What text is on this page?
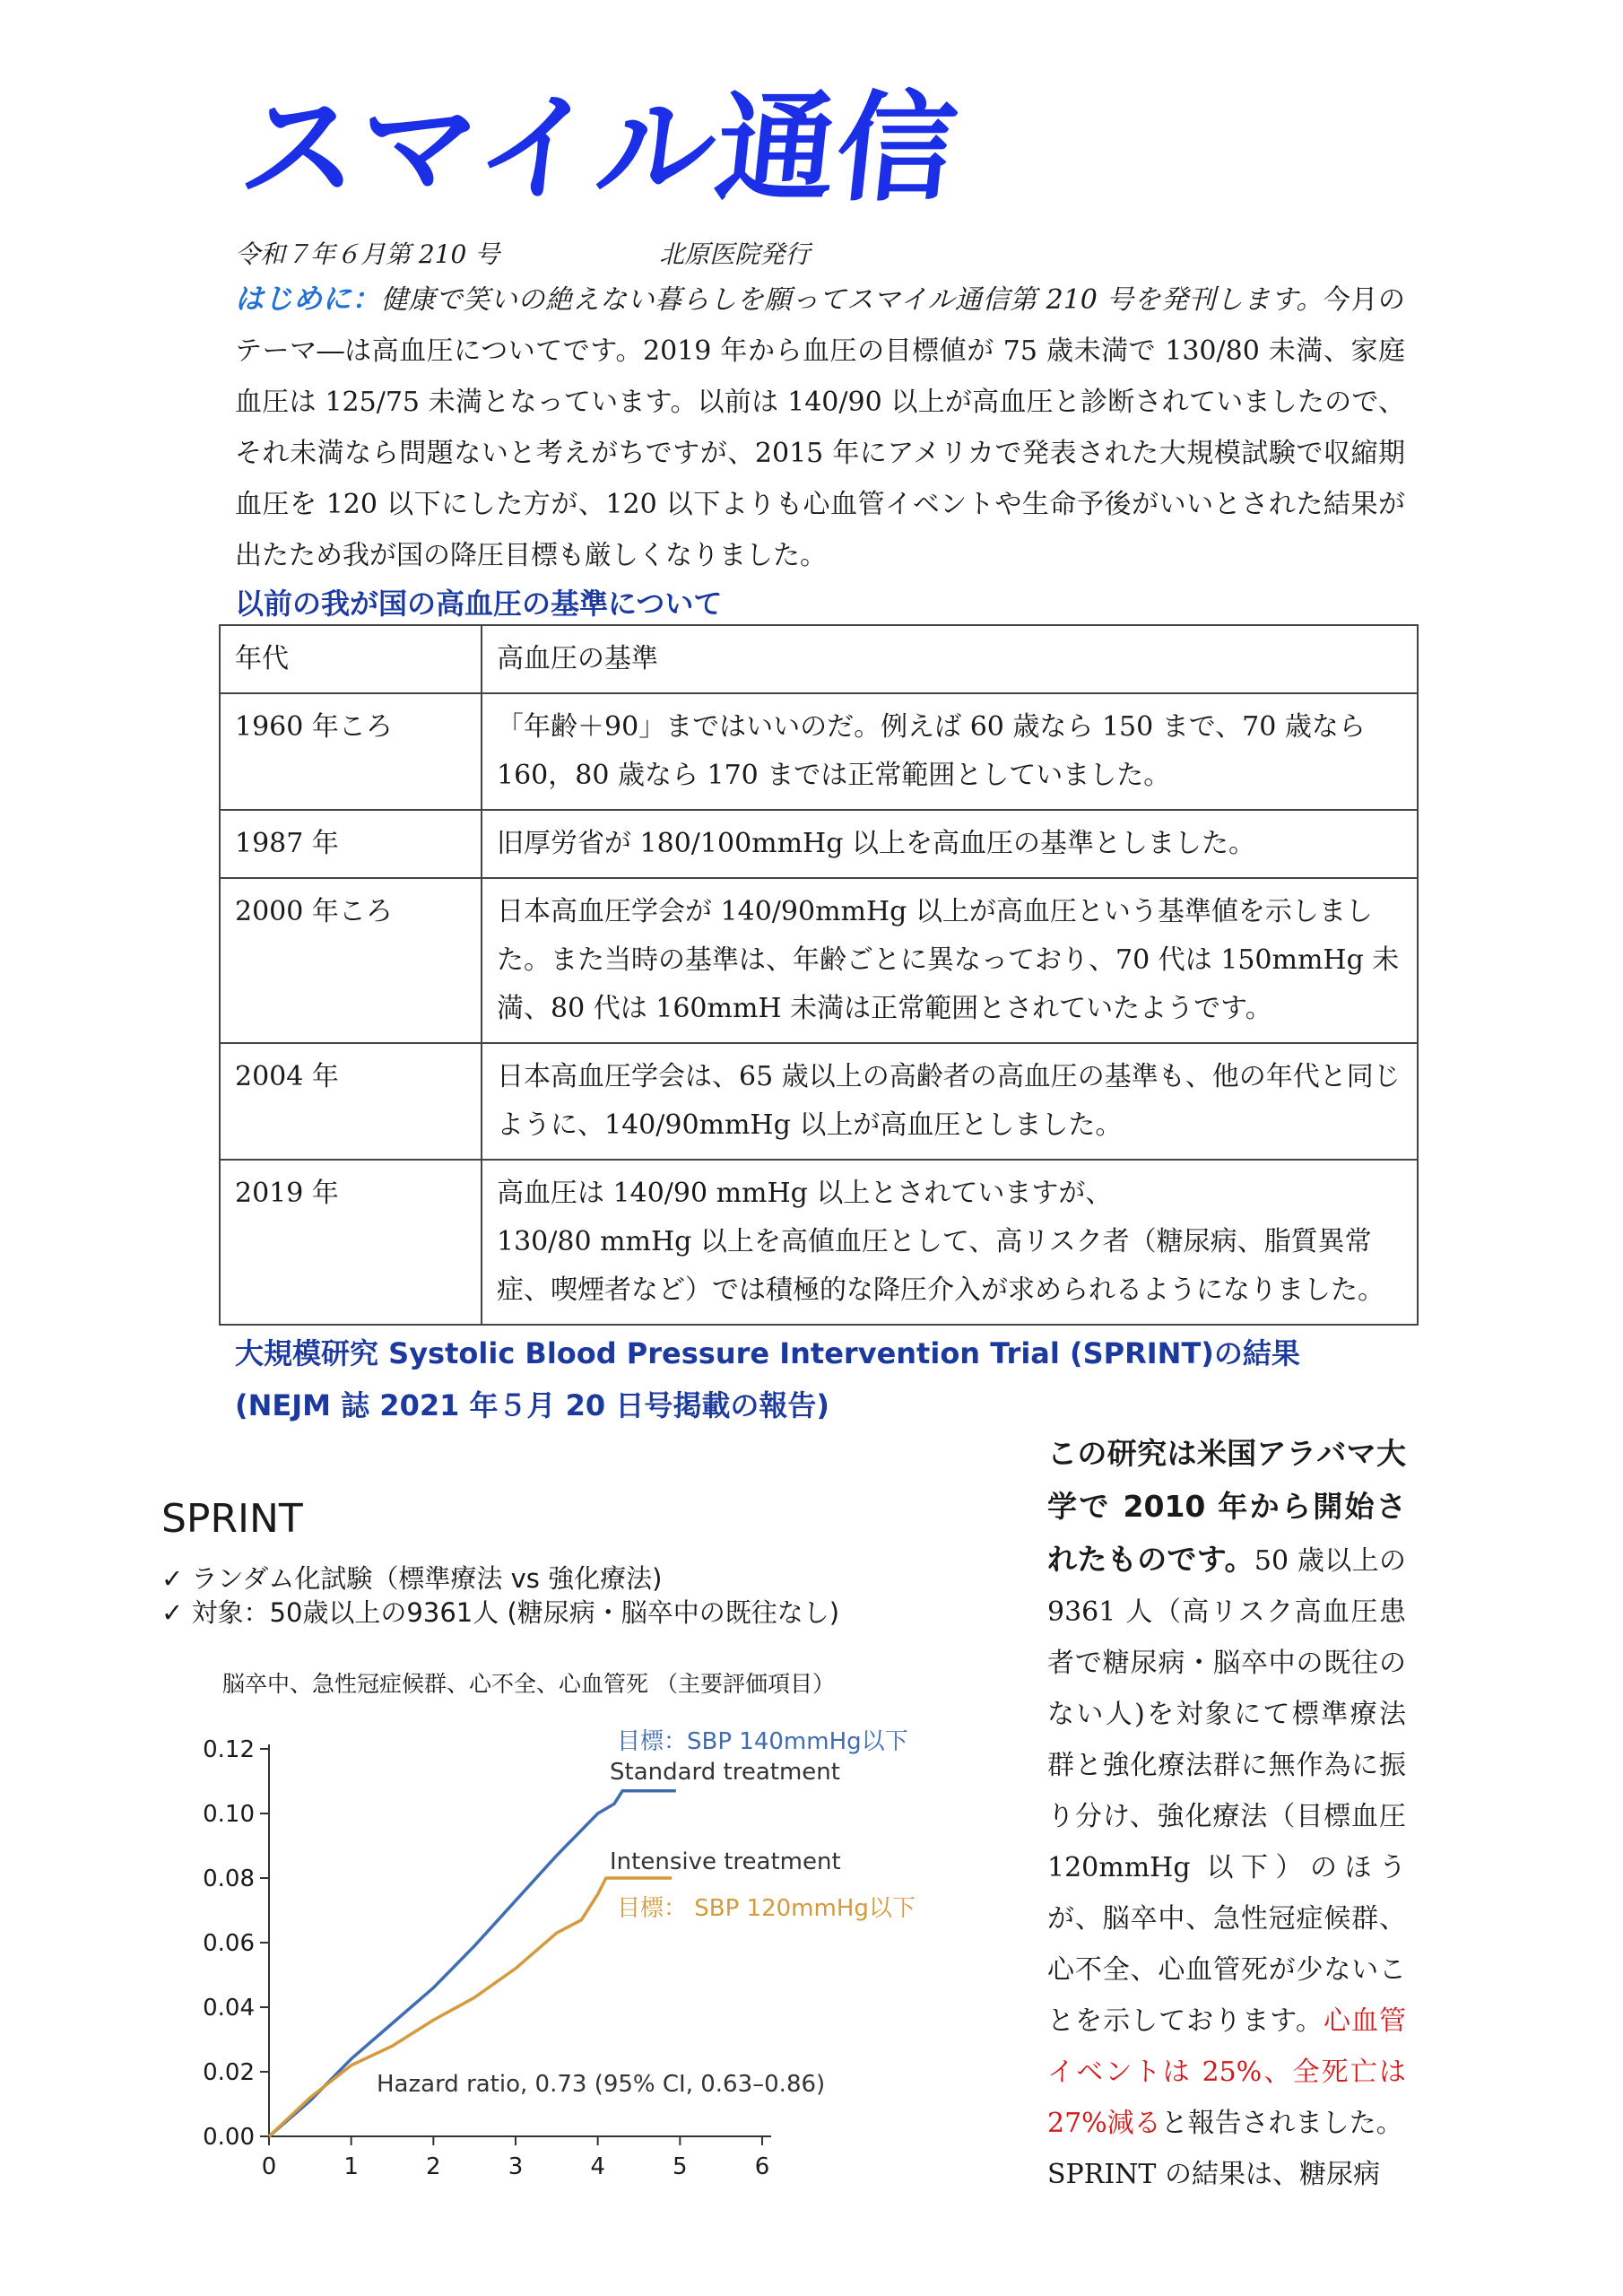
スマイル通信
令和７年６月第 210 号	北原医院発行
はじめに：健康で笑いの絶えない暮らしを願ってスマイル通信第 210 号を発刊します。今月のテーマ―は高血圧についてです。2019 年から血圧の目標値が 75 歳未満で 130/80 未満、家庭血圧は 125/75 未満となっています。以前は 140/90 以上が高血圧と診断されていましたので、それ未満なら問題ないと考えがちですが、2015 年にアメリカで発表された大規模試験で収縮期血圧を 120 以下にした方が、120 以下よりも心血管イベントや生命予後がいいとされた結果が出たため我が国の降圧目標も厳しくなりました。
以前の我が国の高血圧の基準について
年代	高血圧の基準
1960 年ころ	「年齢＋90」まではいいのだ。例えば 60 歳なら 150 まで、70 歳なら 160，80 歳なら 170 までは正常範囲としていました。
1987 年	旧厚労省が 180/100mmHg 以上を高血圧の基準としました。
2000 年ころ	日本高血圧学会が 140/90mmHg 以上が高血圧という基準値を示しました。また当時の基準は、年齢ごとに異なっており、70 代は 150mmHg 未満、80 代は 160mmH 未満は正常範囲とされていたようです。
2004 年	日本高血圧学会は、65 歳以上の高齢者の高血圧の基準も、他の年代と同じように、140/90mmHg 以上が高血圧としました。
2019 年	高血圧は 140/90 mmHg 以上とされていますが、
130/80 mmHg 以上を高値血圧として、高リスク者（糖尿病、脂質異常症、喫煙者など）では積極的な降圧介入が求められるようになりました。
大規模研究 Systolic Blood Pressure Intervention Trial (SPRINT)の結果
(NEJM 誌 2021 年５月 20 日号掲載の報告)
SPRINT
✓ ランダム化試験（標準療法 vs 強化療法)
✓ 対象：50歳以上の9361人 (糖尿病・脳卒中の既往なし)
脳卒中、急性冠症候群、心不全、心血管死 （主要評価項目）
0.00
0.02
0.04
0.06
0.08
0.10
0.12
0	1	2	3	4	5	6
目標：SBP 140mmHg以下
Standard treatment
Intensive treatment
目標： SBP 120mmHg以下
Hazard ratio, 0.73 (95% CI, 0.63–0.86)
この研究は米国アラバマ大学で 2010 年から開始されたものです。50 歳以上の 9361 人（高リスク高血圧患者で糖尿病・脳卒中の既往のない人)を対象にて標準療法群と強化療法群に無作為に振り分け、強化療法（目標血圧 120mmHg 以下）のほうが、脳卒中、急性冠症候群、心不全、心血管死が少ないことを示しております。心血管イベントは 25%、全死亡は 27%減ると報告されました。
SPRINT の結果は、糖尿病
